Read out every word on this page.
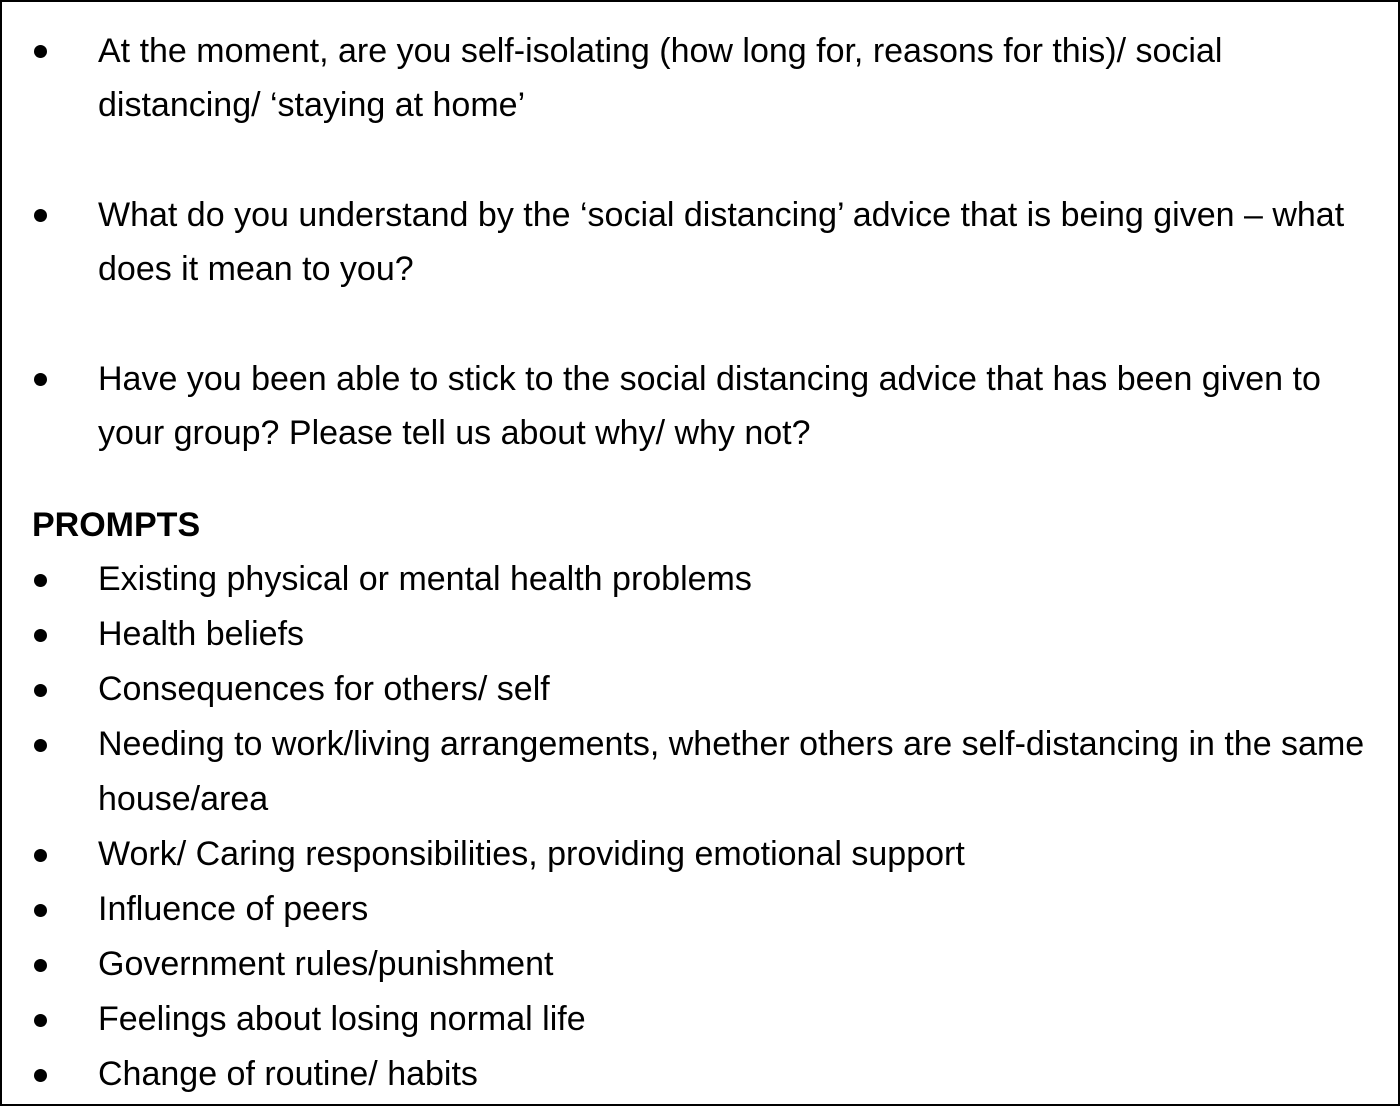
At the moment, are you self-isolating (how long for, reasons for this)/ social distancing/ ‘staying at home’
What do you understand by the ‘social distancing’ advice that is being given – what does it mean to you?
Have you been able to stick to the social distancing advice that has been given to your group? Please tell us about why/ why not?
PROMPTS
Existing physical or mental health problems
Health beliefs
Consequences for others/ self
Needing to work/living arrangements, whether others are self-distancing in the same house/area
Work/ Caring responsibilities, providing emotional support
Influence of peers
Government rules/punishment
Feelings about losing normal life
Change of routine/ habits
